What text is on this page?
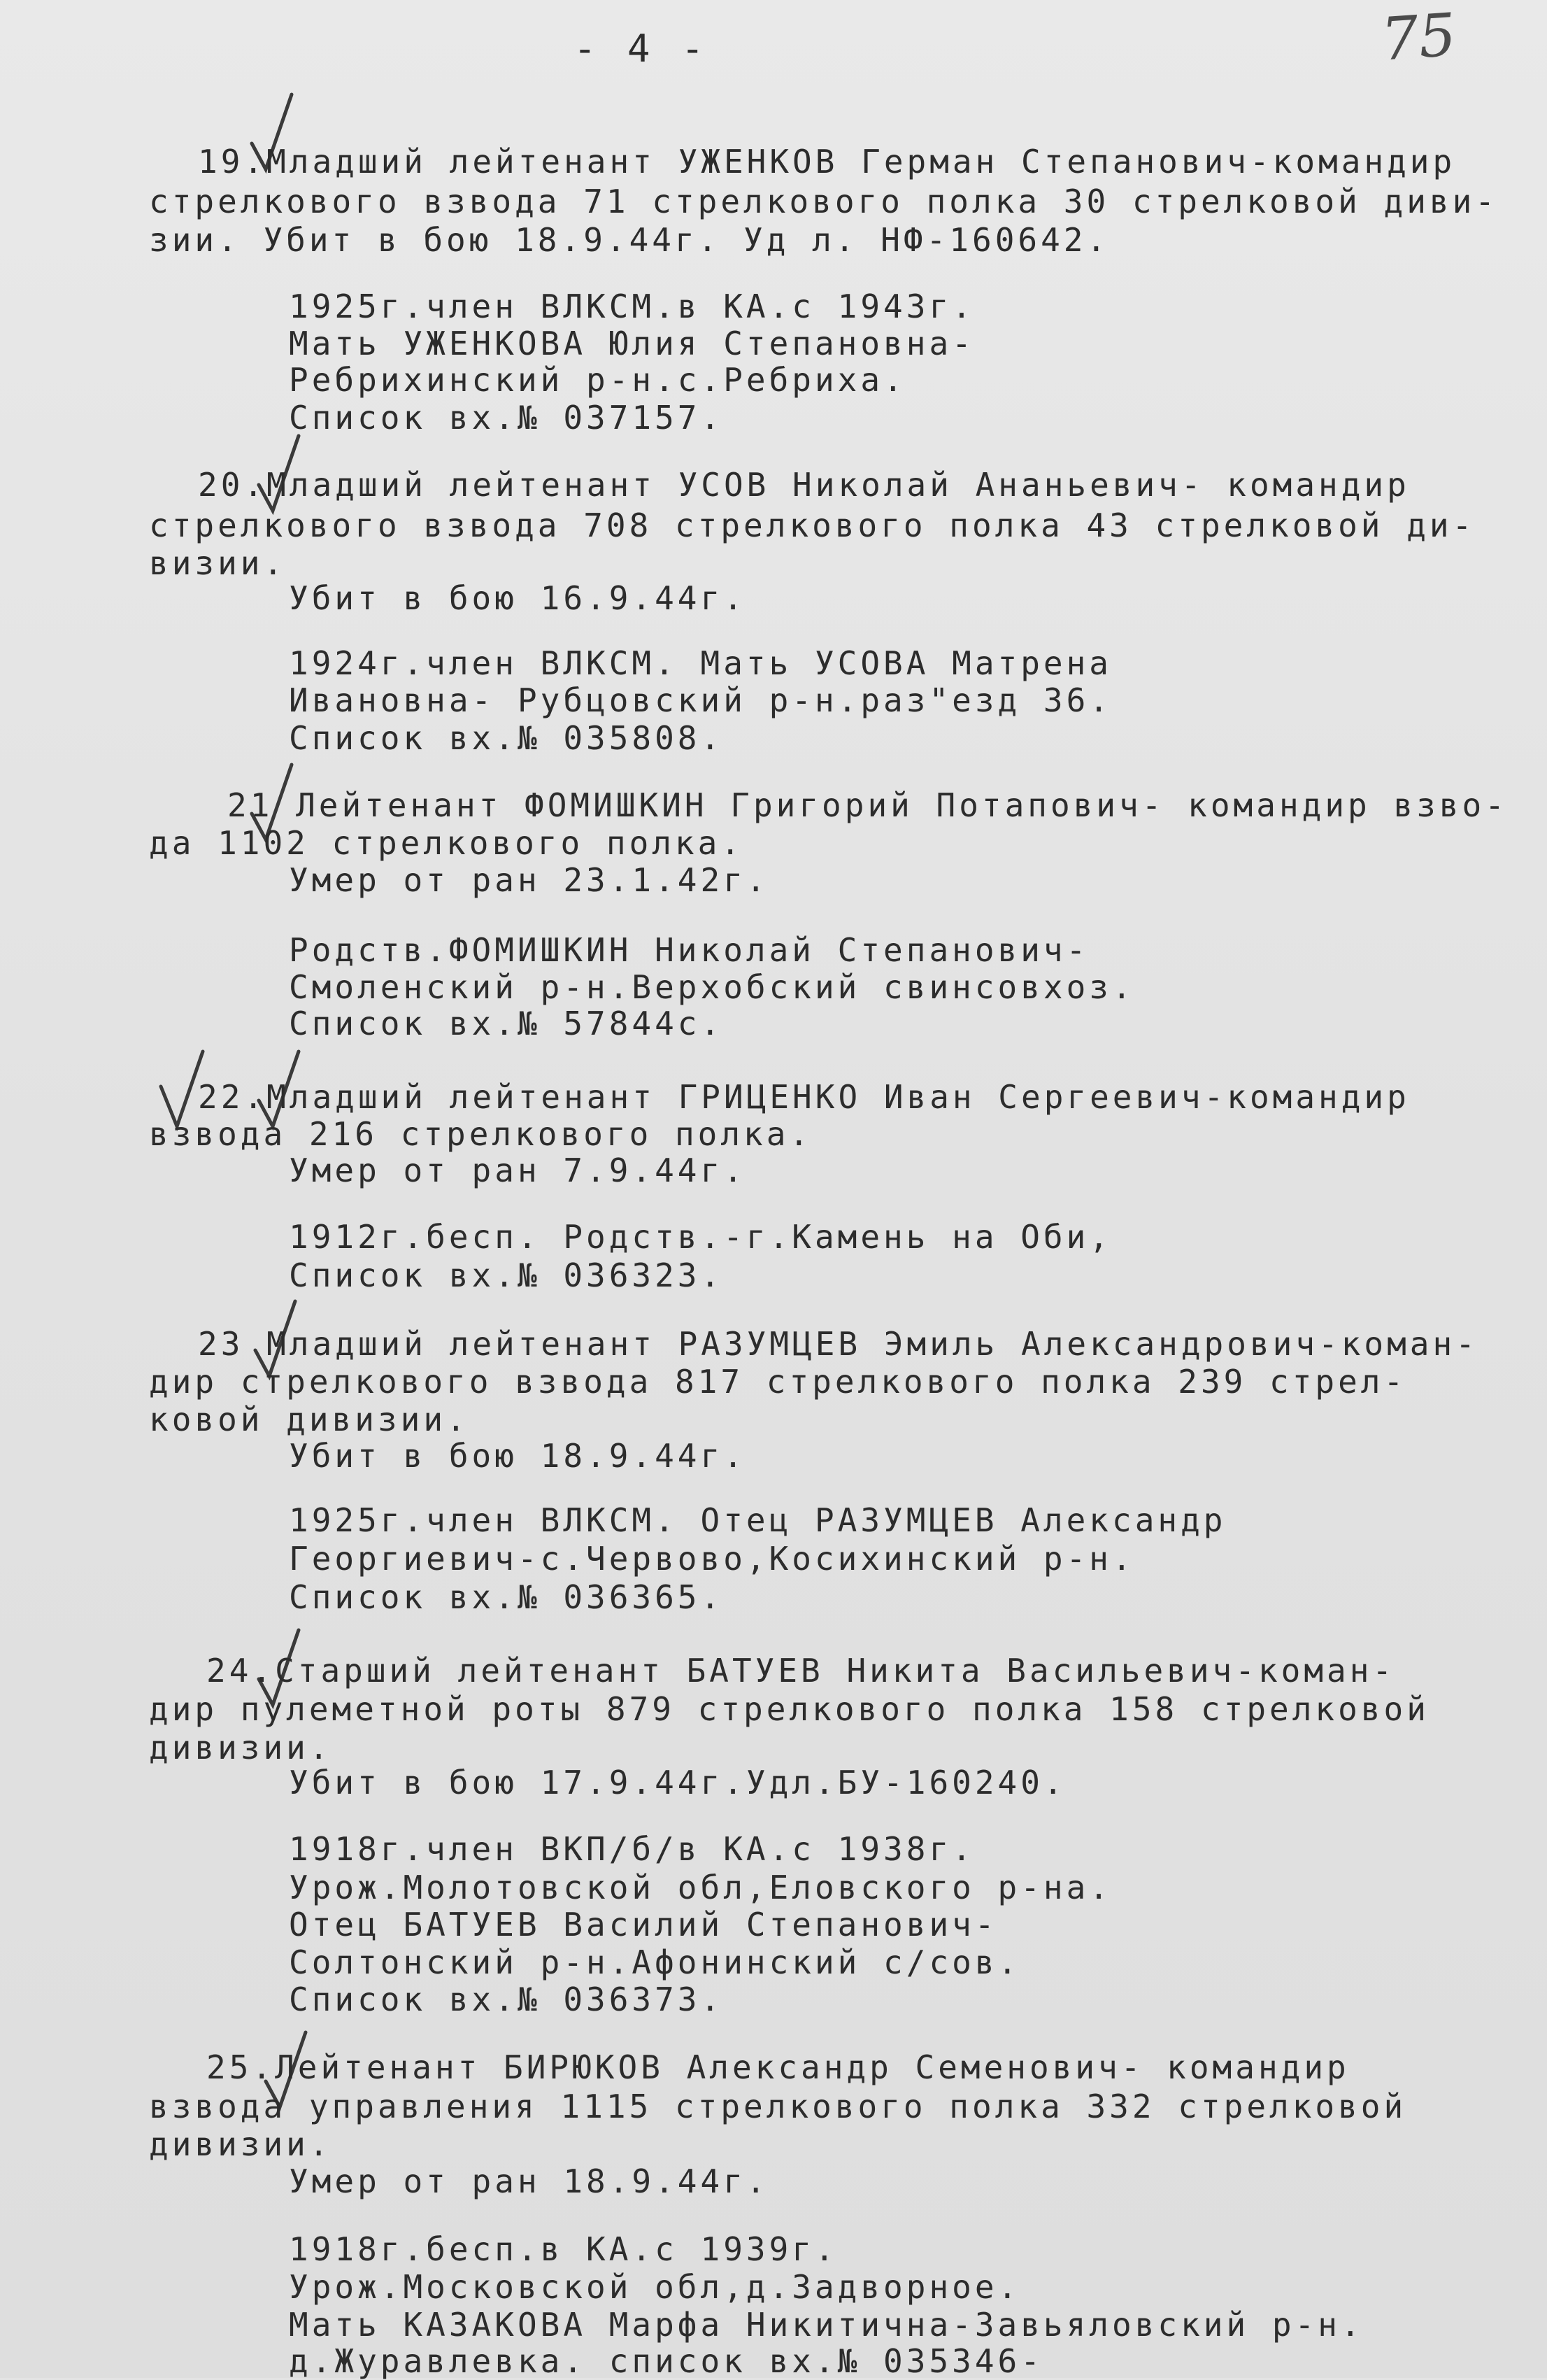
- 4 -	75
19.Младший лейтенант УЖЕНКОВ Герман Степанович-командир
стрелкового взвода 71 стрелкового полка 30 стрелковой диви-
зии. Убит в бою 18.9.44г. Уд л. НФ-160642.
1925г.член ВЛКСМ.в КА.с 1943г.
Мать УЖЕНКОВА Юлия Степановна-
Ребрихинский р-н.с.Ребриха.
Список вх.№ 037157.
20.Младший лейтенант УСОВ Николай Ананьевич- командир
стрелкового взвода 708 стрелкового полка 43 стрелковой ди-
визии.
Убит в бою 16.9.44г.
1924г.член ВЛКСМ. Мать УСОВА Матрена
Ивановна- Рубцовский р-н.раз"езд 36.
Список вх.№ 035808.
21 Лейтенант ФОМИШКИН Григорий Потапович- командир взво-
да 1102 стрелкового полка.
Умер от ран 23.1.42г.
Родств.ФОМИШКИН Николай Степанович-
Смоленский р-н.Верхобский свинсовхоз.
Список вх.№ 57844с.
22.Младший лейтенант ГРИЦЕНКО Иван Сергеевич-командир
взвода 216 стрелкового полка.
Умер от ран 7.9.44г.
1912г.бесп. Родств.-г.Камень на Оби,
Список вх.№ 036323.
23 Младший лейтенант РАЗУМЦЕВ Эмиль Александрович-коман-
дир стрелкового взвода 817 стрелкового полка 239 стрел-
ковой дивизии.
Убит в бою 18.9.44г.
1925г.член ВЛКСМ. Отец РАЗУМЦЕВ Александр
Георгиевич-с.Червово,Косихинский р-н.
Список вх.№ 036365.
24.Старший лейтенант БАТУЕВ Никита Васильевич-коман-
дир пулеметной роты 879 стрелкового полка 158 стрелковой
дивизии.
Убит в бою 17.9.44г.Удл.БУ-160240.
1918г.член ВКП/б/в КА.с 1938г.
Урож.Молотовской обл,Еловского р-на.
Отец БАТУЕВ Василий Степанович-
Солтонский р-н.Афонинский с/сов.
Список вх.№ 036373.
25.Лейтенант БИРЮКОВ Александр Семенович- командир
взвода управления 1115 стрелкового полка 332 стрелковой
дивизии.
Умер от ран 18.9.44г.
1918г.бесп.в КА.с 1939г.
Урож.Московской обл,д.Задворное.
Мать КАЗАКОВА Марфа Никитична-Завьяловский р-н.
д.Журавлевка. список вх.№ 035346-
